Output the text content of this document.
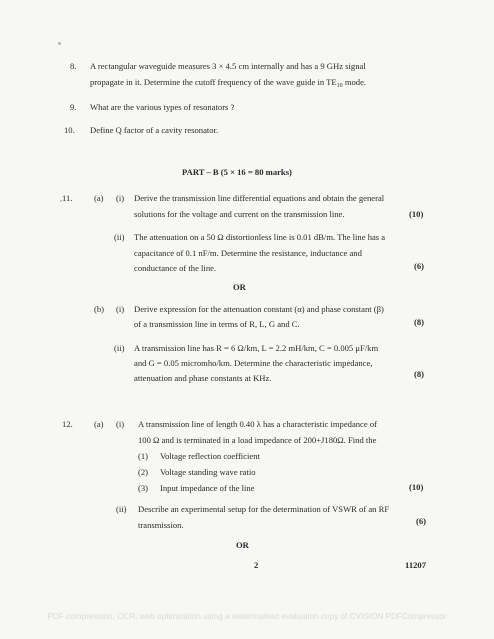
8. A rectangular waveguide measures 3 × 4.5 cm internally and has a 9 GHz signal
propagate in it. Determine the cutoff frequency of the wave guide in $TE_{10}$ mode.
9. What are the various types of resonators ?
10. Define Q factor of a cavity resonator.
PART – B (5 × 16 = 80 marks)
11.	(a) (i) Derive the transmission line differential equations and obtain the general
solutions for the voltage and current on the transmission line.	(10)
(ii) The attenuation on a 50 Ω distortionless line is 0.01 dB/m. The line has a
capacitance of 0.1 nF/m. Determine the resistance, inductance and
conductance of the line.	(6)
OR
(b) (i) Derive expression for the attenuation constant (α) and phase constant (β)
of a transmission line in terms of R, L, G and C.	(8)
(ii) A transmission line has R = 6 Ω/km, L = 2.2 mH/km, C = 0.005 μF/km
and G = 0.05 micromho/km. Determine the characteristic impedance,
attenuation and phase constants at KHz.	(8)
12. (a) (i) A transmission line of length 0.40 λ has a characteristic impedance of
100 Ω and is terminated in a load impedance of 200+J180Ω. Find the
(1) Voltage reflection coefficient
(2) Voltage standing wave ratio
(3) Input impedance of the line	(10)
(ii) Describe an experimental setup for the determination of VSWR of an RF
transmission.	(6)
OR
2	11207
PDF compression, OCR, web optimization using a watermarked evaluation copy of CVISION PDFCompressor
